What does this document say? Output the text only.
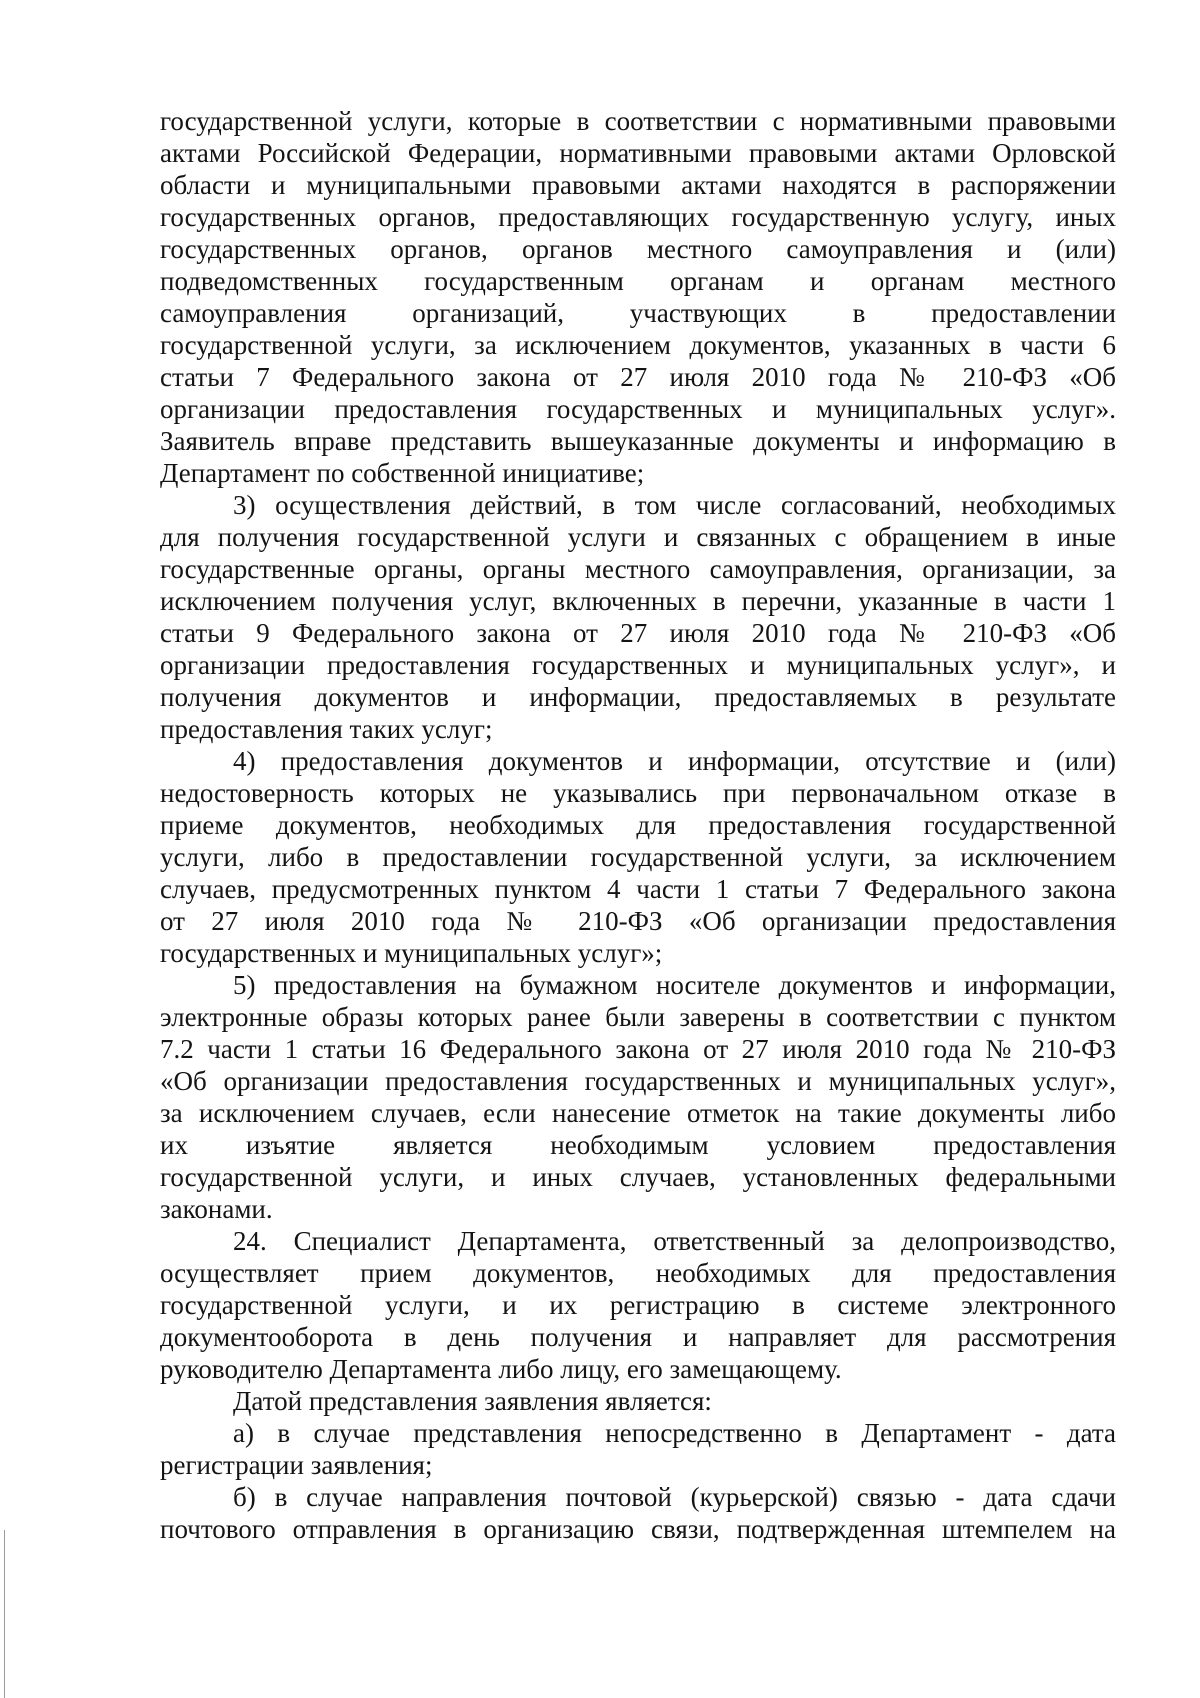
государственной услуги, которые в соответствии с нормативными правовыми
актами Российской Федерации, нормативными правовыми актами Орловской
области и муниципальными правовыми актами находятся в распоряжении
государственных органов, предоставляющих государственную услугу, иных
государственных органов, органов местного самоуправления и (или)
подведомственных государственным органам и органам местного
самоуправления организаций, участвующих в предоставлении
государственной услуги, за исключением документов, указанных в части 6
статьи 7 Федерального закона от 27 июля 2010 года № 210-ФЗ «Об
организации предоставления государственных и муниципальных услуг».
Заявитель вправе представить вышеуказанные документы и информацию в
Департамент по собственной инициативе;
3) осуществления действий, в том числе согласований, необходимых
для получения государственной услуги и связанных с обращением в иные
государственные органы, органы местного самоуправления, организации, за
исключением получения услуг, включенных в перечни, указанные в части 1
статьи 9 Федерального закона от 27 июля 2010 года № 210-ФЗ «Об
организации предоставления государственных и муниципальных услуг», и
получения документов и информации, предоставляемых в результате
предоставления таких услуг;
4) предоставления документов и информации, отсутствие и (или)
недостоверность которых не указывались при первоначальном отказе в
приеме документов, необходимых для предоставления государственной
услуги, либо в предоставлении государственной услуги, за исключением
случаев, предусмотренных пунктом 4 части 1 статьи 7 Федерального закона
от 27 июля 2010 года № 210-ФЗ «Об организации предоставления
государственных и муниципальных услуг»;
5) предоставления на бумажном носителе документов и информации,
электронные образы которых ранее были заверены в соответствии с пунктом
7.2 части 1 статьи 16 Федерального закона от 27 июля 2010 года № 210-ФЗ
«Об организации предоставления государственных и муниципальных услуг»,
за исключением случаев, если нанесение отметок на такие документы либо
их изъятие является необходимым условием предоставления
государственной услуги, и иных случаев, установленных федеральными
законами.
24. Специалист Департамента, ответственный за делопроизводство,
осуществляет прием документов, необходимых для предоставления
государственной услуги, и их регистрацию в системе электронного
документооборота в день получения и направляет для рассмотрения
руководителю Департамента либо лицу, его замещающему.
Датой представления заявления является:
а) в случае представления непосредственно в Департамент - дата
регистрации заявления;
б) в случае направления почтовой (курьерской) связью - дата сдачи
почтового отправления в организацию связи, подтвержденная штемпелем на
